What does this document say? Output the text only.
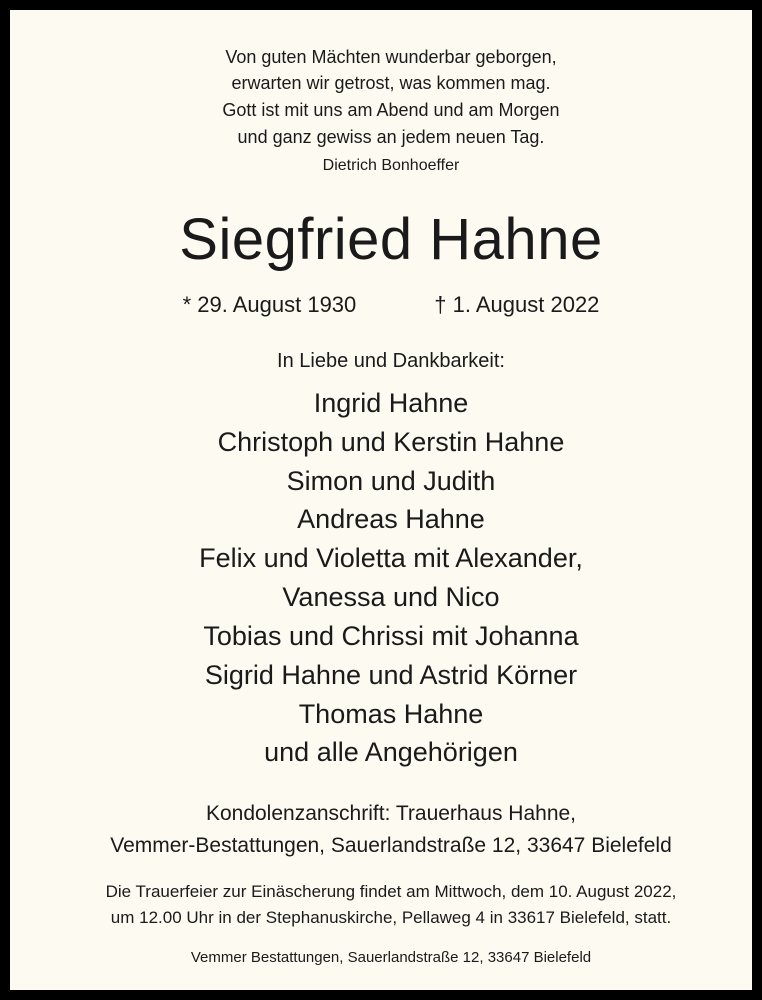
Von guten Mächten wunderbar geborgen,
erwarten wir getrost, was kommen mag.
Gott ist mit uns am Abend und am Morgen
und ganz gewiss an jedem neuen Tag.
Dietrich Bonhoeffer
Siegfried Hahne
* 29. August 1930	† 1. August 2022
In Liebe und Dankbarkeit:
Ingrid Hahne
Christoph und Kerstin Hahne
Simon und Judith
Andreas Hahne
Felix und Violetta mit Alexander,
Vanessa und Nico
Tobias und Chrissi mit Johanna
Sigrid Hahne und Astrid Körner
Thomas Hahne
und alle Angehörigen
Kondolenzanschrift: Trauerhaus Hahne,
Vemmer-Bestattungen, Sauerlandstraße 12, 33647 Bielefeld
Die Trauerfeier zur Einäscherung findet am Mittwoch, dem 10. August 2022,
um 12.00 Uhr in der Stephanuskirche, Pellaweg 4 in 33617 Bielefeld, statt.
Vemmer Bestattungen, Sauerlandstraße 12, 33647 Bielefeld
